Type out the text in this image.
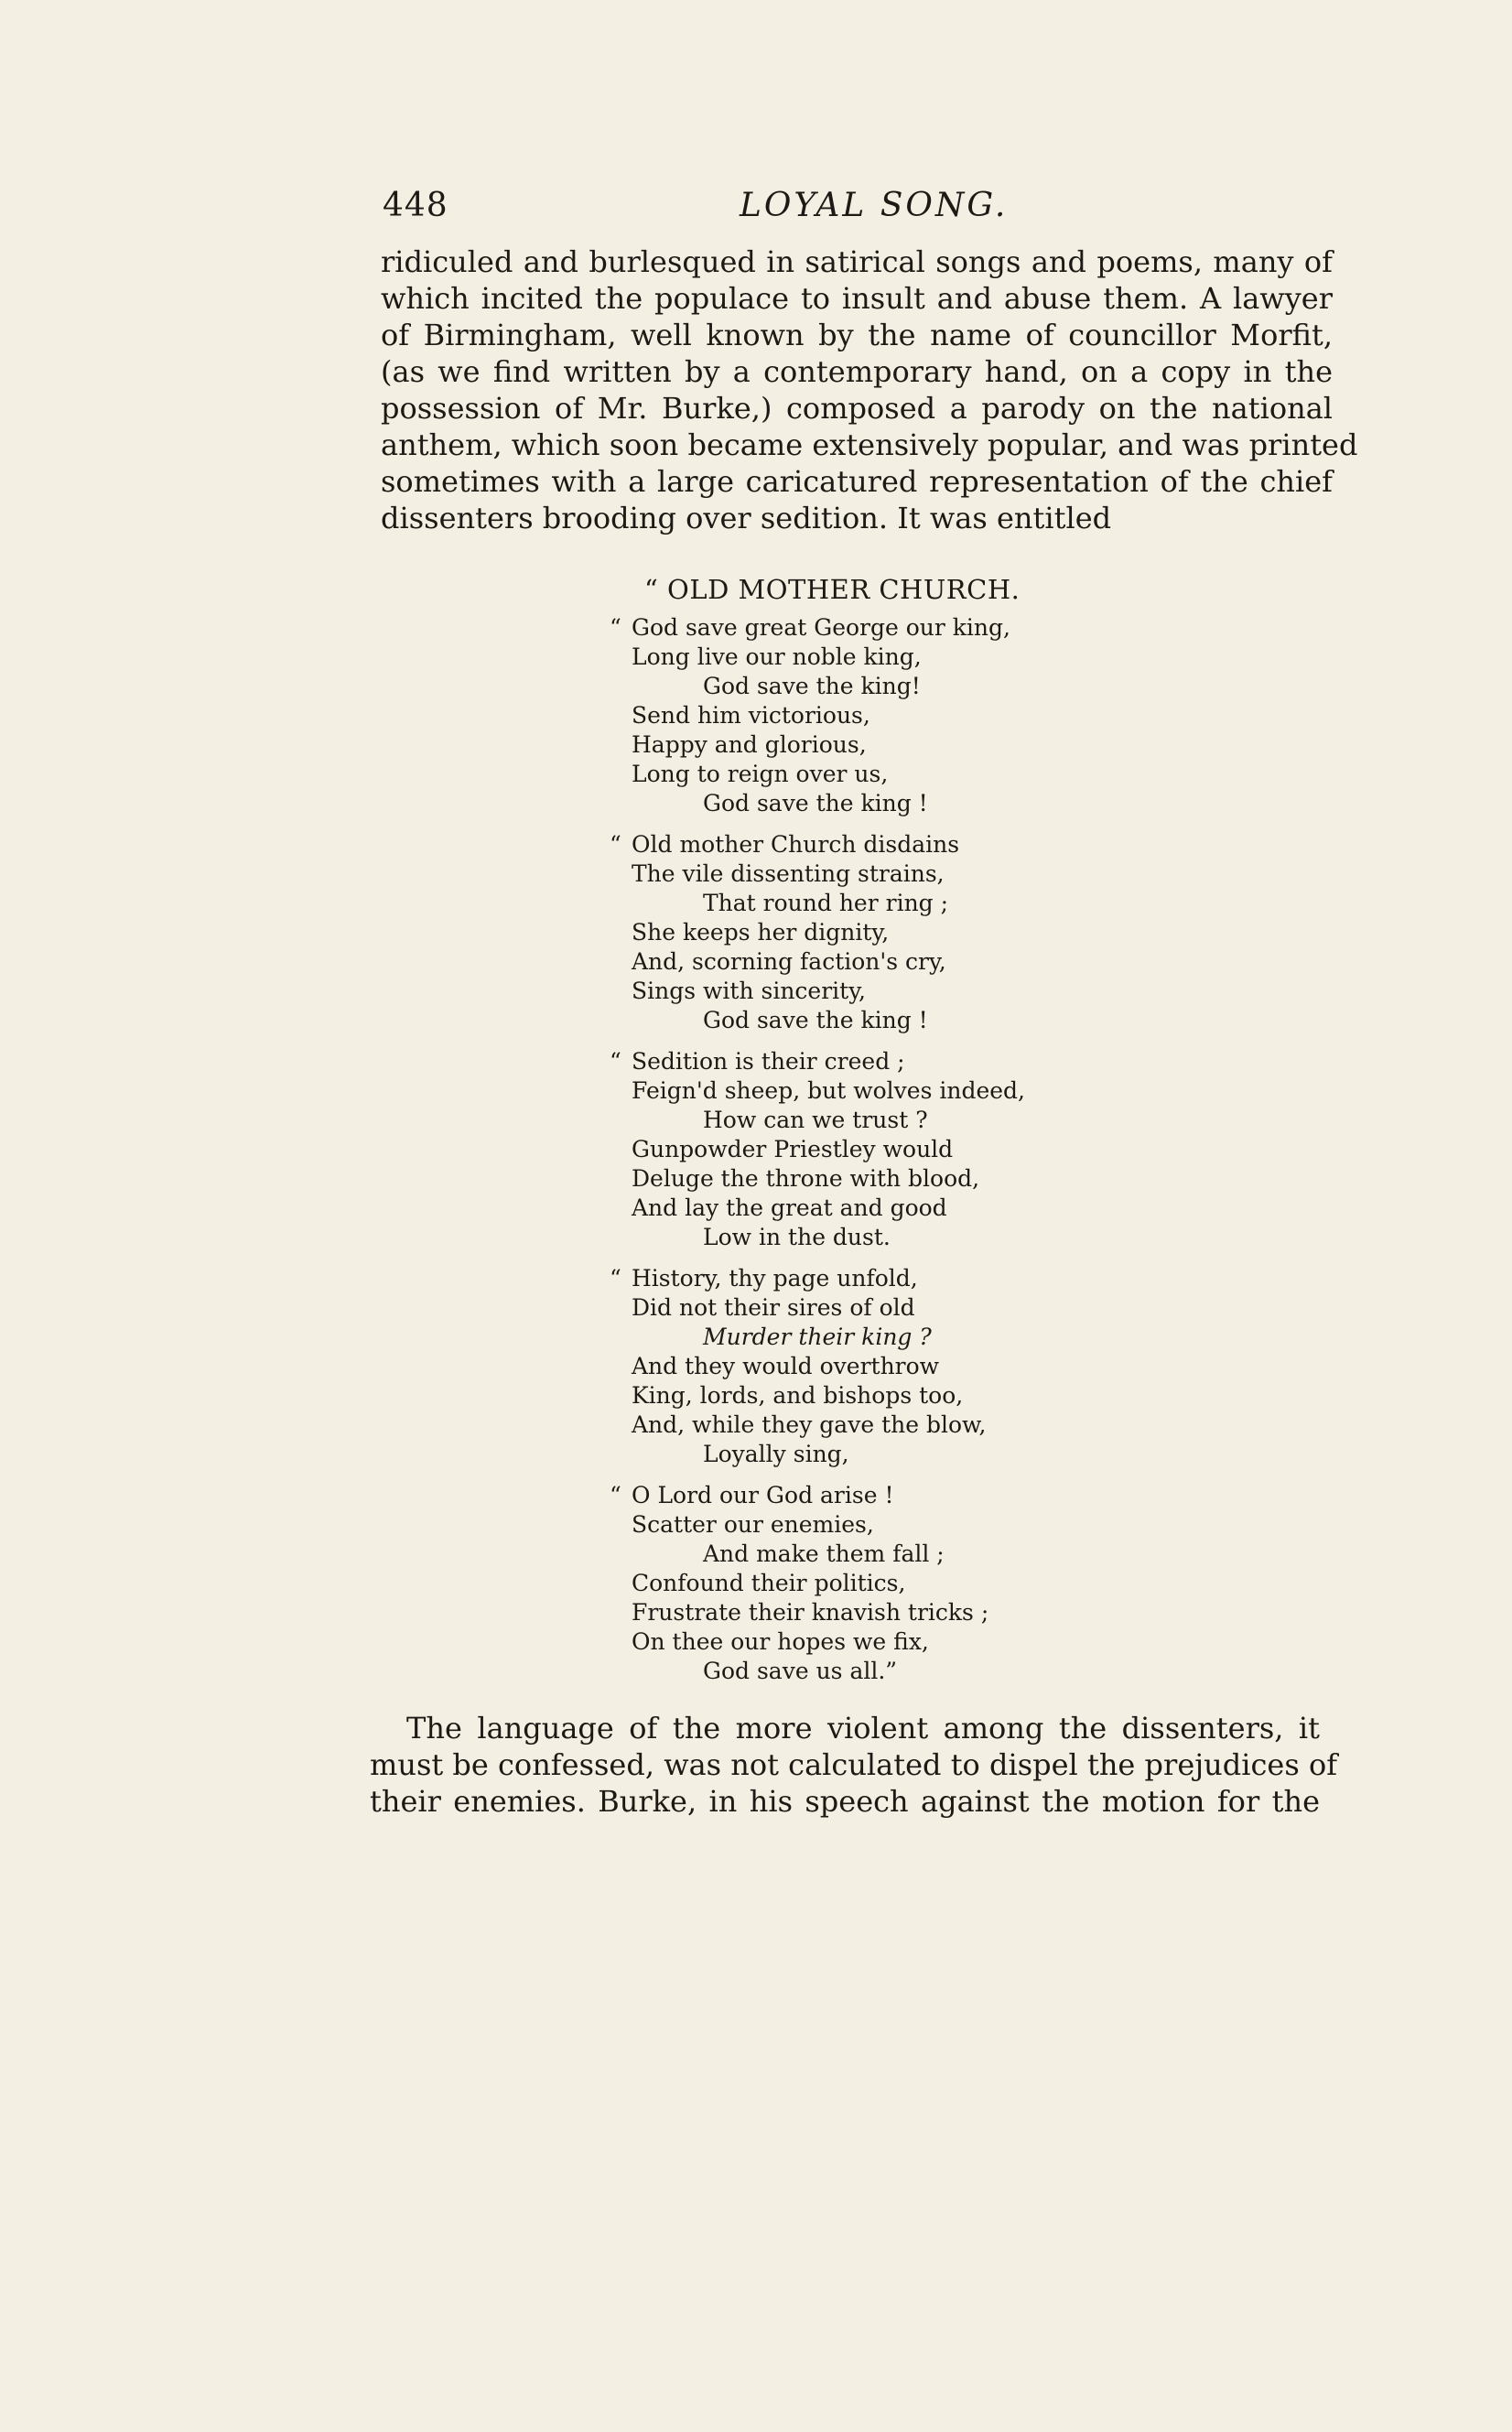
448	LOYAL SONG.
ridiculed and burlesqued in satirical songs and poems, many of
which incited the populace to insult and abuse them. A lawyer
of Birmingham, well known by the name of councillor Morfit,
(as we find written by a contemporary hand, on a copy in the
possession of Mr. Burke,) composed a parody on the national
anthem, which soon became extensively popular, and was printed
sometimes with a large caricatured representation of the chief
dissenters brooding over sedition. It was entitled
“ OLD MOTHER CHURCH.
“ God save great George our king,
Long live our noble king,
God save the king!
Send him victorious,
Happy and glorious,
Long to reign over us,
God save the king !
“ Old mother Church disdains
The vile dissenting strains,
That round her ring ;
She keeps her dignity,
And, scorning faction's cry,
Sings with sincerity,
God save the king !
“ Sedition is their creed ;
Feign'd sheep, but wolves indeed,
How can we trust ?
Gunpowder Priestley would
Deluge the throne with blood,
And lay the great and good
Low in the dust.
“ History, thy page unfold,
Did not their sires of old
Murder their king ?
And they would overthrow
King, lords, and bishops too,
And, while they gave the blow,
Loyally sing,
“ O Lord our God arise !
Scatter our enemies,
And make them fall ;
Confound their politics,
Frustrate their knavish tricks ;
On thee our hopes we fix,
God save us all.”
The language of the more violent among the dissenters, it
must be confessed, was not calculated to dispel the prejudices of
their enemies. Burke, in his speech against the motion for the
